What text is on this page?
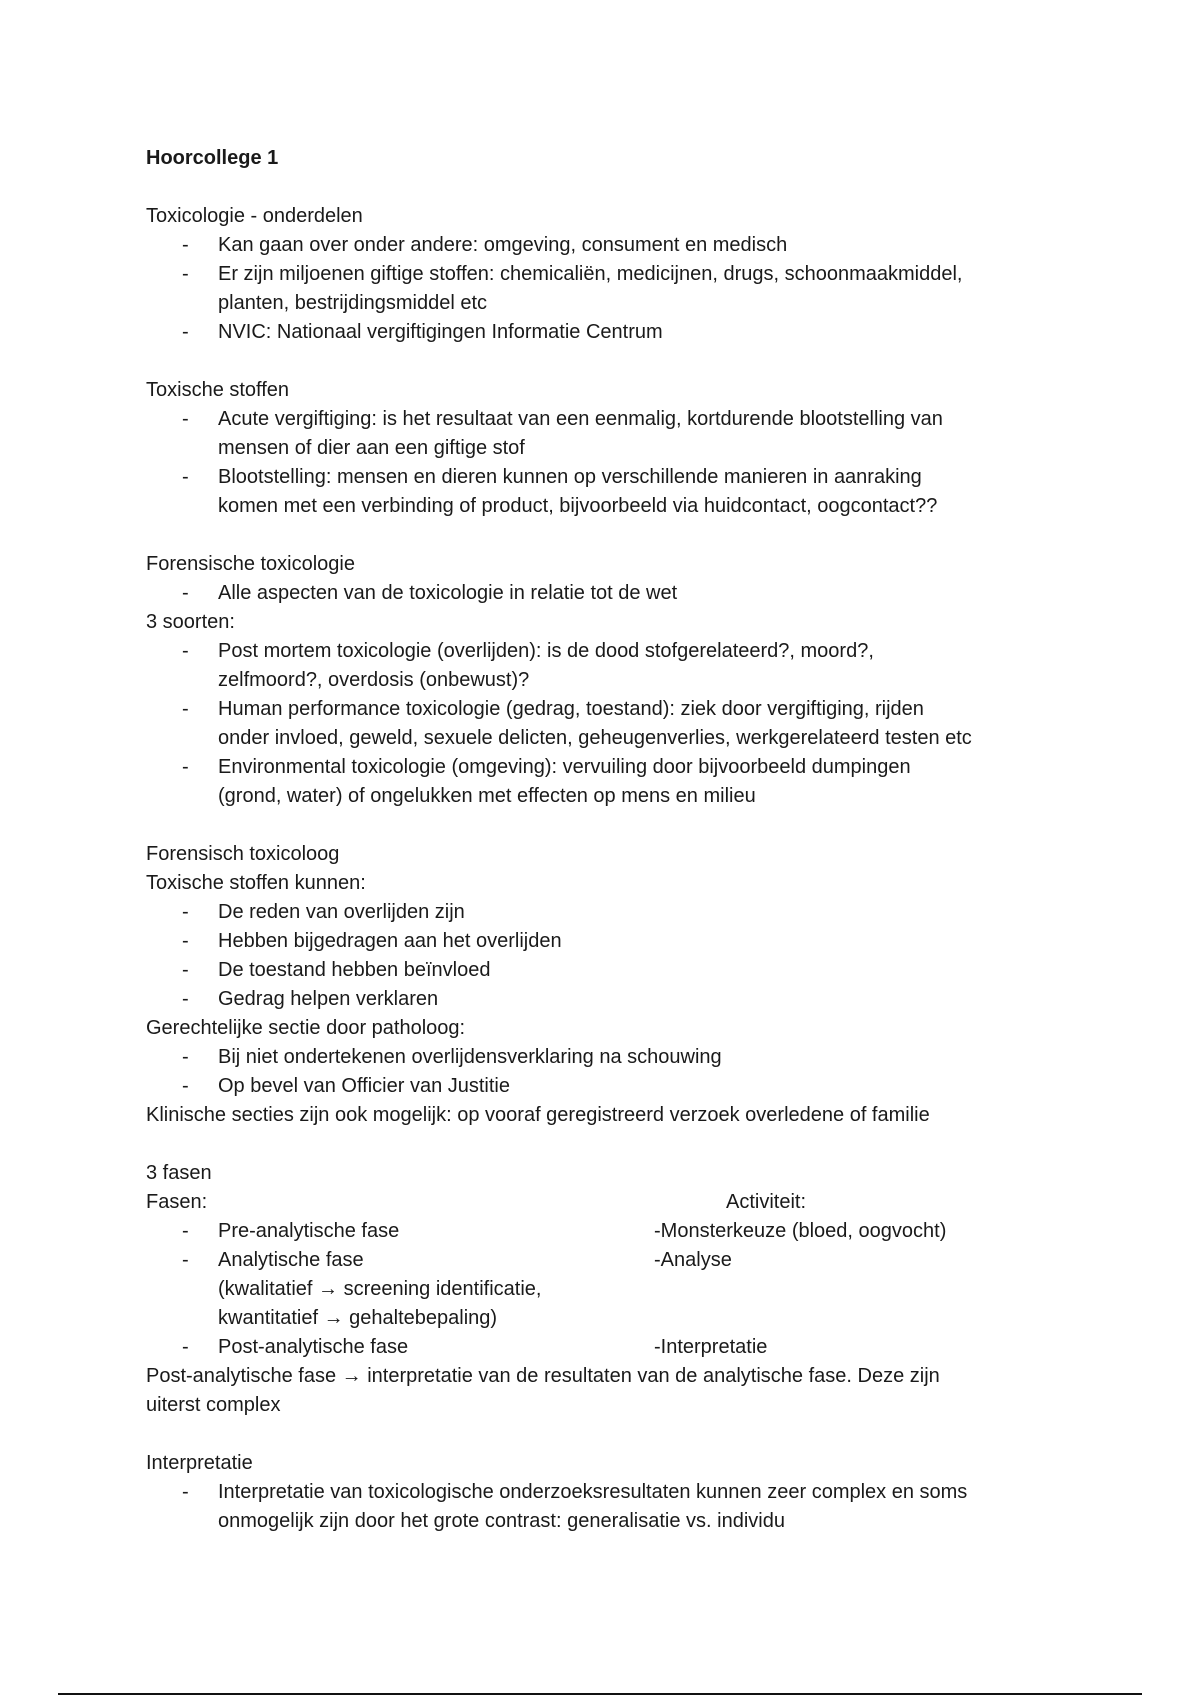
Hoorcollege 1

Toxicologie - onderdelen

- Kan gaan over onder andere: omgeving, consument en medisch
- Er zijn miljoenen giftige stoffen: chemicaliën, medicijnen, drugs, schoonmaakmiddel,
planten, bestrijdingsmiddel etc
- NVIC: Nationaal vergiftigingen Informatie Centrum

Toxische stoffen

- Acute vergiftiging: is het resultaat van een eenmalig, kortdurende blootstelling van
mensen of dier aan een giftige stof
- Blootstelling: mensen en dieren kunnen op verschillende manieren in aanraking
komen met een verbinding of product, bijvoorbeeld via huidcontact, oogcontact??

Forensische toxicologie

- Alle aspecten van de toxicologie in relatie tot de wet

3 soorten:

- Post mortem toxicologie (overlijden): is de dood stofgerelateerd?, moord?,
zelfmoord?, overdosis (onbewust)?
- Human performance toxicologie (gedrag, toestand): ziek door vergiftiging, rijden
onder invloed, geweld, sexuele delicten, geheugenverlies, werkgerelateerd testen etc
- Environmental toxicologie (omgeving): vervuiling door bijvoorbeeld dumpingen
(grond, water) of ongelukken met effecten op mens en milieu

Forensisch toxicoloog

Toxische stoffen kunnen:

- De reden van overlijden zijn
- Hebben bijgedragen aan het overlijden
- De toestand hebben beïnvloed
- Gedrag helpen verklaren

Gerechtelijke sectie door patholoog:

- Bij niet ondertekenen overlijdensverklaring na schouwing
- Op bevel van Officier van Justitie

Klinische secties zijn ook mogelijk: op vooraf geregistreerd verzoek overledene of familie

3 fasen

Fasen:	Activiteit:

- Pre-analytische fase	-Monsterkeuze (bloed, oogvocht)
- Analytische fase	-Analyse

(kwalitatief → screening identificatie,
kwantitatief → gehaltebepaling)
- Post-analytische fase	-Interpretatie

Post-analytische fase → interpretatie van de resultaten van de analytische fase. Deze zijn

uiterst complex

Interpretatie

- Interpretatie van toxicologische onderzoeksresultaten kunnen zeer complex en soms
onmogelijk zijn door het grote contrast: generalisatie vs. individu
